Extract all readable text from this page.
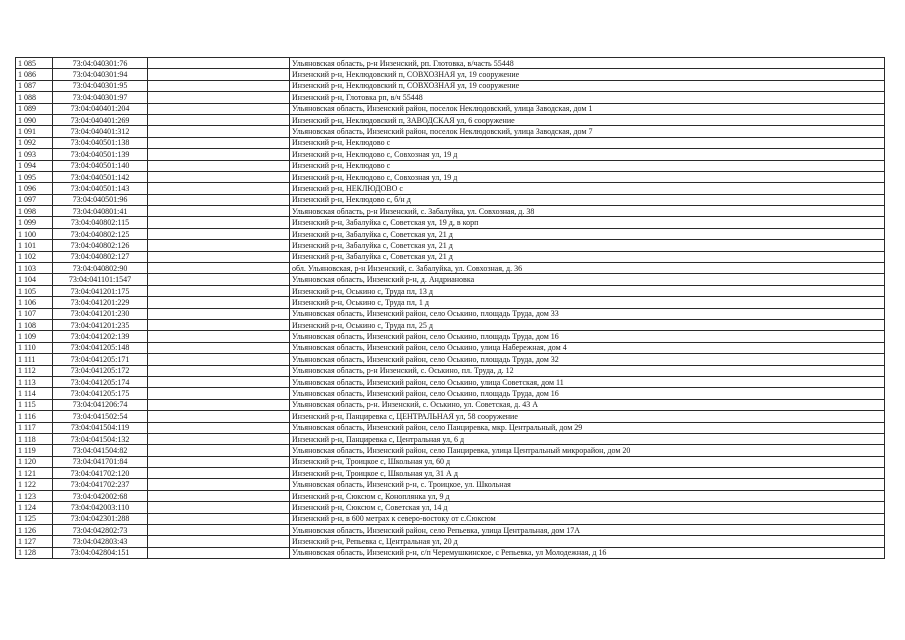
1 085	73:04:040301:76		Ульяновская область, р-н Инзенский, рп. Глотовка, в/часть 55448
1 086	73:04:040301:94		Инзенский р-н, Неклюдовский п, СОВХОЗНАЯ ул, 19 сооружение
1 087	73:04:040301:95		Инзенский р-н, Неклюдовский п, СОВХОЗНАЯ ул, 19 сооружение
1 088	73:04:040301:97		Инзенский р-н, Глотовка рп, в/ч 55448
1 089	73:04:040401:204		Ульяновская область, Инзенский район, поселок Неклюдовский, улица Заводская, дом 1
1 090	73:04:040401:269		Инзенский р-н, Неклюдовский п, ЗАВОДСКАЯ ул, 6 сооружение
1 091	73:04:040401:312		Ульяновская область, Инзенский район, поселок Неклюдовский, улица Заводская, дом 7
1 092	73:04:040501:138		Инзенский р-н, Неклюдово с
1 093	73:04:040501:139		Инзенский р-н, Неклюдово с, Совхозная ул, 19 д
1 094	73:04:040501:140		Инзенский р-н, Неклюдово с
1 095	73:04:040501:142		Инзенский р-н, Неклюдово с, Совхозная ул, 19 д
1 096	73:04:040501:143		Инзенский р-н, НЕКЛЮДОВО с
1 097	73:04:040501:96		Инзенский р-н, Неклюдово с, б/н д
1 098	73:04:040801:41		Ульяновская область, р-н Инзенский, с. Забалуйка, ул. Совхозная, д. 38
1 099	73:04:040802:115		Инзенский р-н, Забалуйка с, Советская ул, 19 д, в корп
1 100	73:04:040802:125		Инзенский р-н, Забалуйка с, Советская ул, 21 д
1 101	73:04:040802:126		Инзенский р-н, Забалуйка с, Советская ул, 21 д
1 102	73:04:040802:127		Инзенский р-н, Забалуйка с, Советская ул, 21 д
1 103	73:04:040802:90		обл. Ульяновская, р-н Инзенский, с. Забалуйка, ул. Совхозная, д. 36
1 104	73:04:041101:1547		Ульяновская область, Инзенский р-н, д. Андриановка
1 105	73:04:041201:175		Инзенский р-н, Оськино с, Труда пл, 13 д
1 106	73:04:041201:229		Инзенский р-н, Оськино с, Труда пл, 1 д
1 107	73:04:041201:230		Ульяновская область, Инзенский район, село Оськино, площадь Труда, дом 33
1 108	73:04:041201:235		Инзенский р-н, Оськино с, Труда пл, 25 д
1 109	73:04:041202:139		Ульяновская область, Инзенский район, село Оськино, площадь Труда, дом 16
1 110	73:04:041205:148		Ульяновская область, Инзенский район, село Оськино, улица Набережная, дом 4
1 111	73:04:041205:171		Ульяновская область, Инзенский район, село Оськино, площадь Труда, дом 32
1 112	73:04:041205:172		Ульяновская область, р-н Инзенский, с. Оськино, пл. Труда, д. 12
1 113	73:04:041205:174		Ульяновская область, Инзенский район, село Оськино, улица Советская, дом 11
1 114	73:04:041205:175		Ульяновская область, Инзенский район, село Оськино, площадь Труда, дом 16
1 115	73:04:041206:74		Ульяновская область, р-н. Инзенский, с. Оськино, ул. Советская, д. 43 А
1 116	73:04:041502:54		Инзенский р-н, Панциревка с, ЦЕНТРАЛЬНАЯ ул, 58 сооружение
1 117	73:04:041504:119		Ульяновская область, Инзенский район, село Панциревка, мкр. Центральный, дом 29
1 118	73:04:041504:132		Инзенский р-н, Панциревка с, Центральная ул, 6 д
1 119	73:04:041504:82		Ульяновская область, Инзенский район, село Панциревка, улица Центральный микрорайон, дом 20
1 120	73:04:041701:84		Инзенский р-н, Троицкое с, Школьная ул, 60 д
1 121	73:04:041702:120		Инзенский р-н, Троицкое с, Школьная ул, 31 А д
1 122	73:04:041702:237		Ульяновская область, Инзенский р-н, с. Троицкое, ул. Школьная
1 123	73:04:042002:68		Инзенский р-н, Сюксюм с, Коноплянка ул, 9 д
1 124	73:04:042003:110		Инзенский р-н, Сюксюм с, Советская ул, 14 д
1 125	73:04:042301:288		Инзенский р-н, в 600 метрах к северо-востоку от с.Сюксюм
1 126	73:04:042802:73		Ульяновская область, Инзенский район, село Репьевка, улица Центральная, дом 17А
1 127	73:04:042803:43		Инзенский р-н, Репьевка с, Центральная ул, 20 д
1 128	73:04:042804:151		Ульяновская область, Инзенский р-н, с/п Черемушкинское, с Репьевка, ул Молодежная, д 16
